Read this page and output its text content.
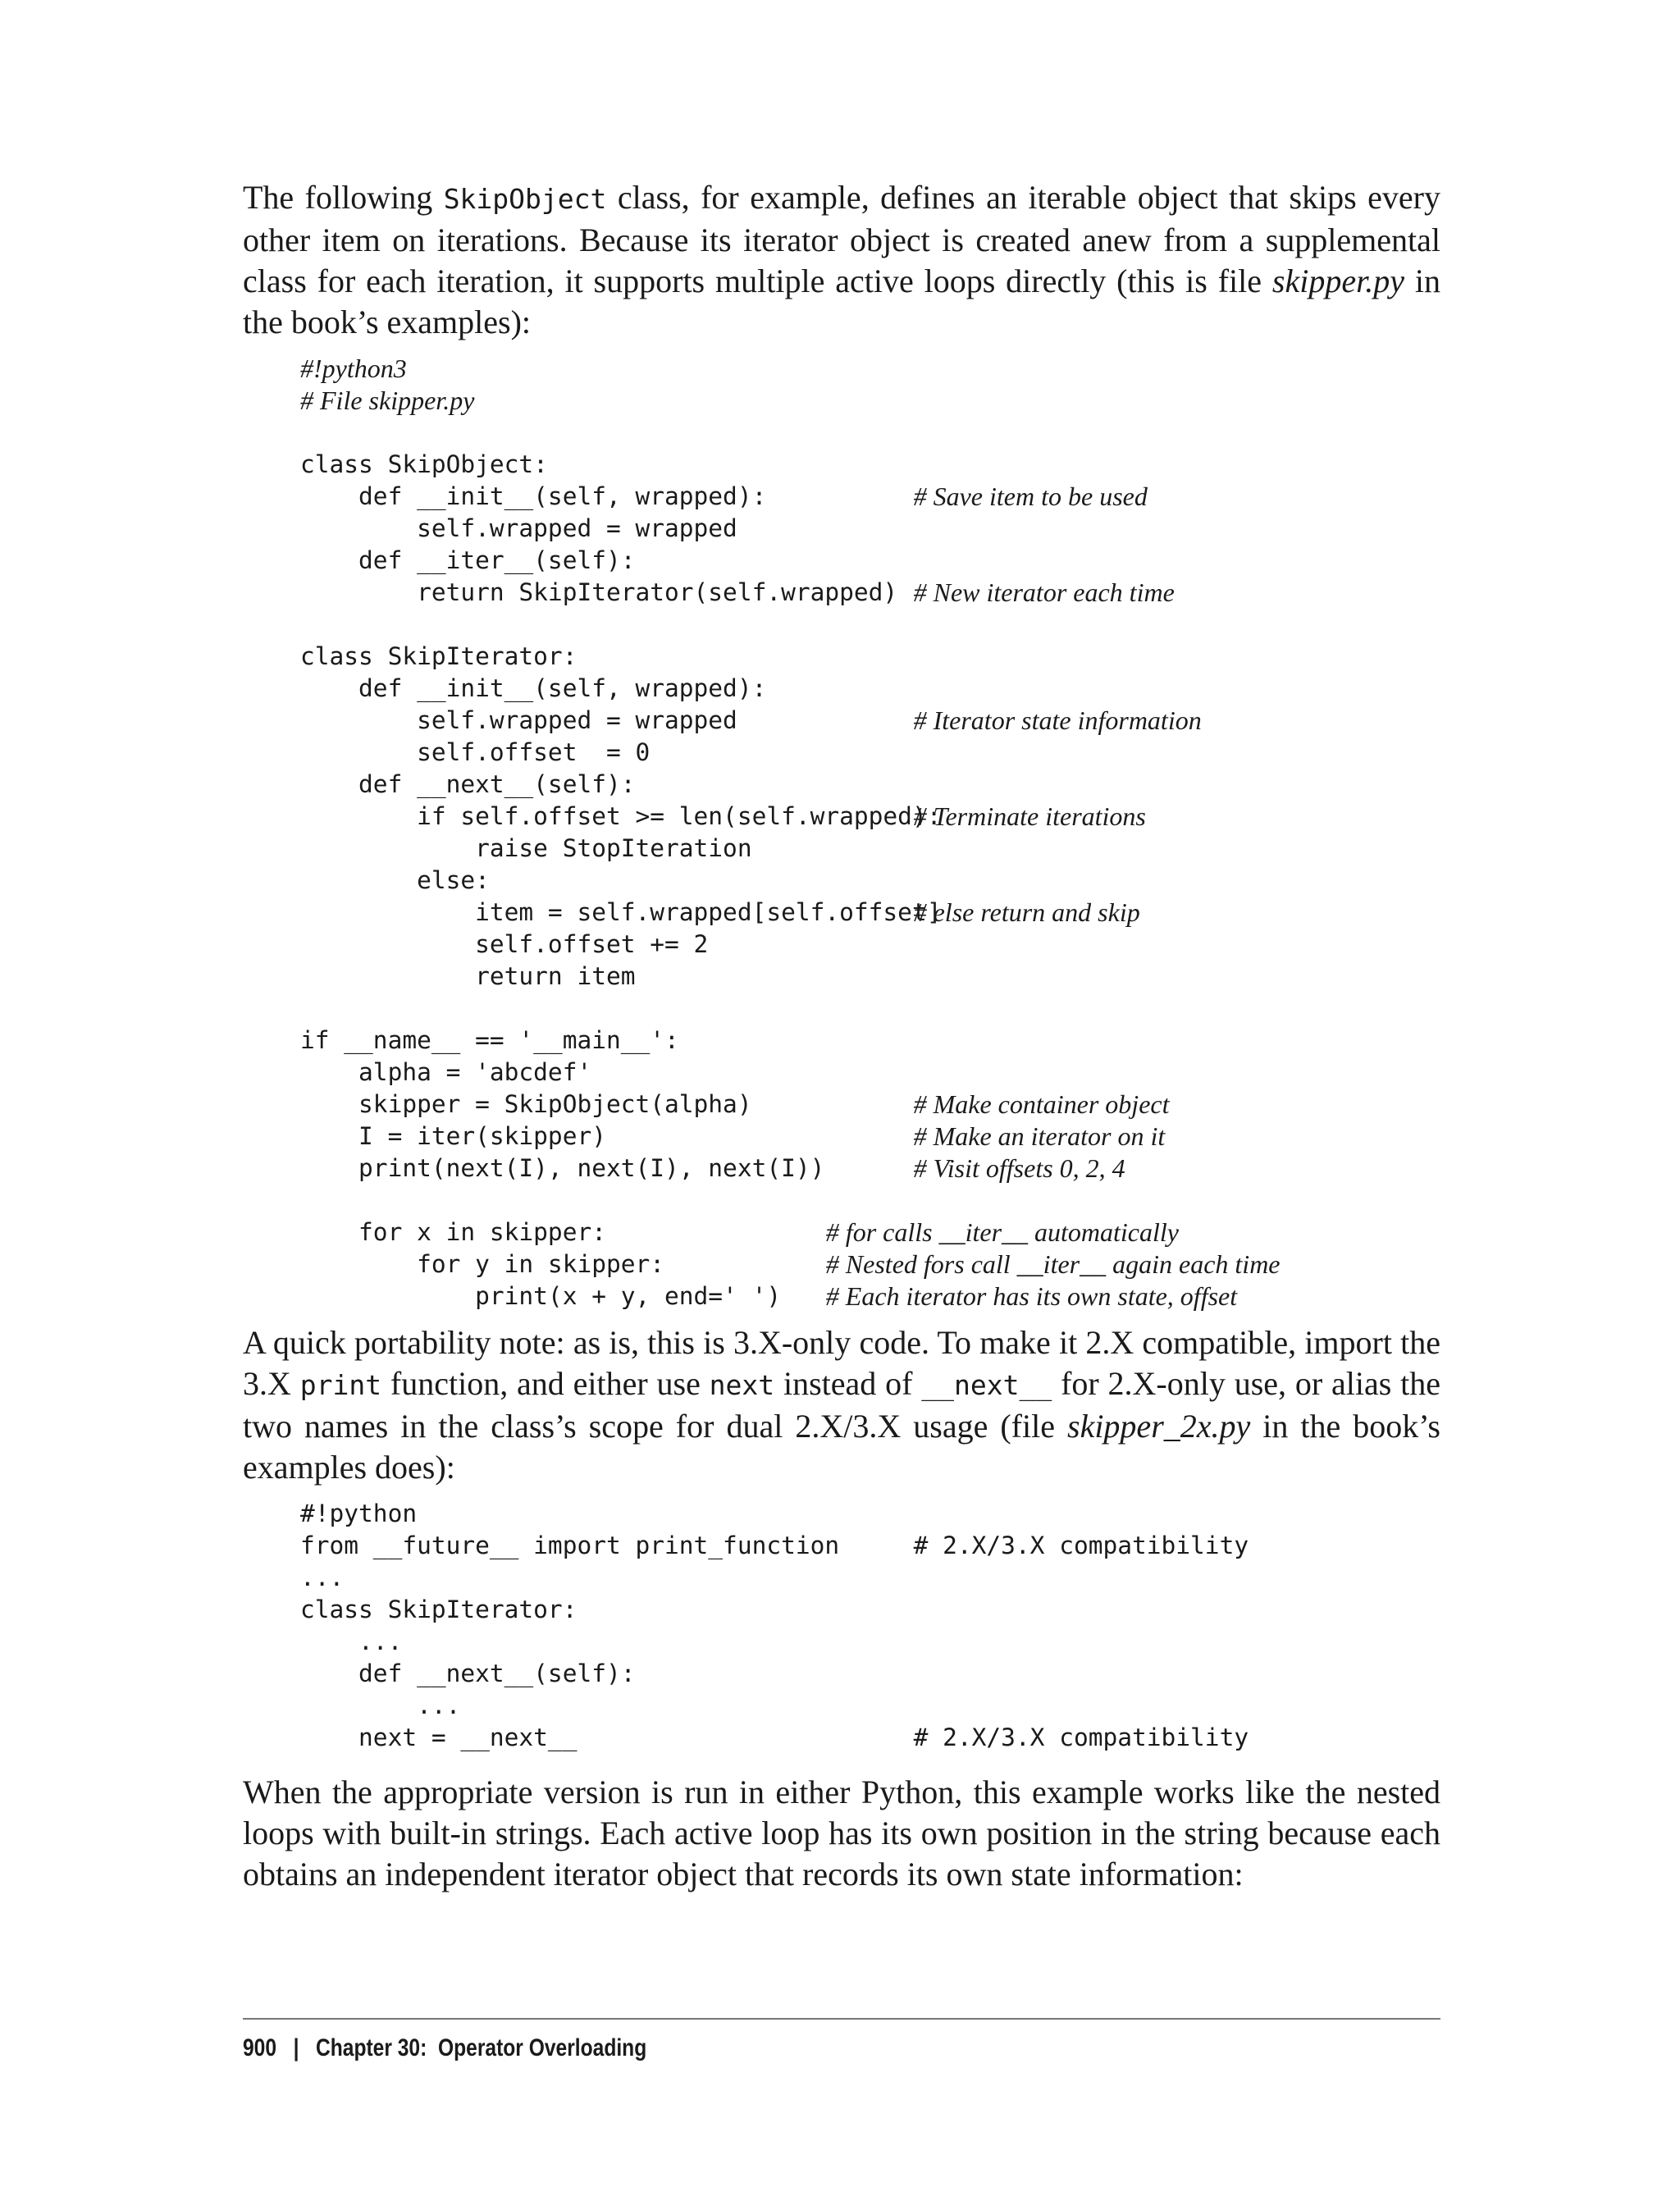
The following SkipObject class, for example, defines an iterable object that skips every other item on iterations. Because its iterator object is created anew from a supplemental class for each iteration, it supports multiple active loops directly (this is file skipper.py in the book’s examples):

#!python3
# File skipper.py
class SkipObject:
def __init__(self, wrapped):	# Save item to be used
self.wrapped = wrapped
def __iter__(self):
return SkipIterator(self.wrapped) # New iterator each time
class SkipIterator:
def __init__(self, wrapped):
self.wrapped = wrapped	# Iterator state information
self.offset  = 0
def __next__(self):
if self.offset >= len(self.wrapped):
# Terminate iterations
raise StopIteration
else:
item = self.wrapped[self.offset]
# else return and skip
self.offset += 2
return item
if __name__ == '__main__':
alpha = 'abcdef'
skipper = SkipObject(alpha)	# Make container object
I = iter(skipper)	# Make an iterator on it
print(next(I), next(I), next(I))	# Visit offsets 0, 2, 4
for x in skipper:	# for calls __iter__ automatically
for y in skipper:	# Nested fors call __iter__ again each time
print(x + y, end=' ') # Each iterator has its own state, offset

A quick portability note: as is, this is 3.X-only code. To make it 2.X compatible, import the 3.X print function, and either use next instead of __next__ for 2.X-only use, or alias the two names in the class’s scope for dual 2.X/3.X usage (file skipper_2x.py in the book’s examples does):

#!python
from __future__ import print_function	# 2.X/3.X compatibility
...
class SkipIterator:
...
def __next__(self):
...
next = __next__	# 2.X/3.X compatibility

When the appropriate version is run in either Python, this example works like the nested loops with built-in strings. Each active loop has its own position in the string because each obtains an independent iterator object that records its own state information:

900 | Chapter 30:  Operator Overloading
